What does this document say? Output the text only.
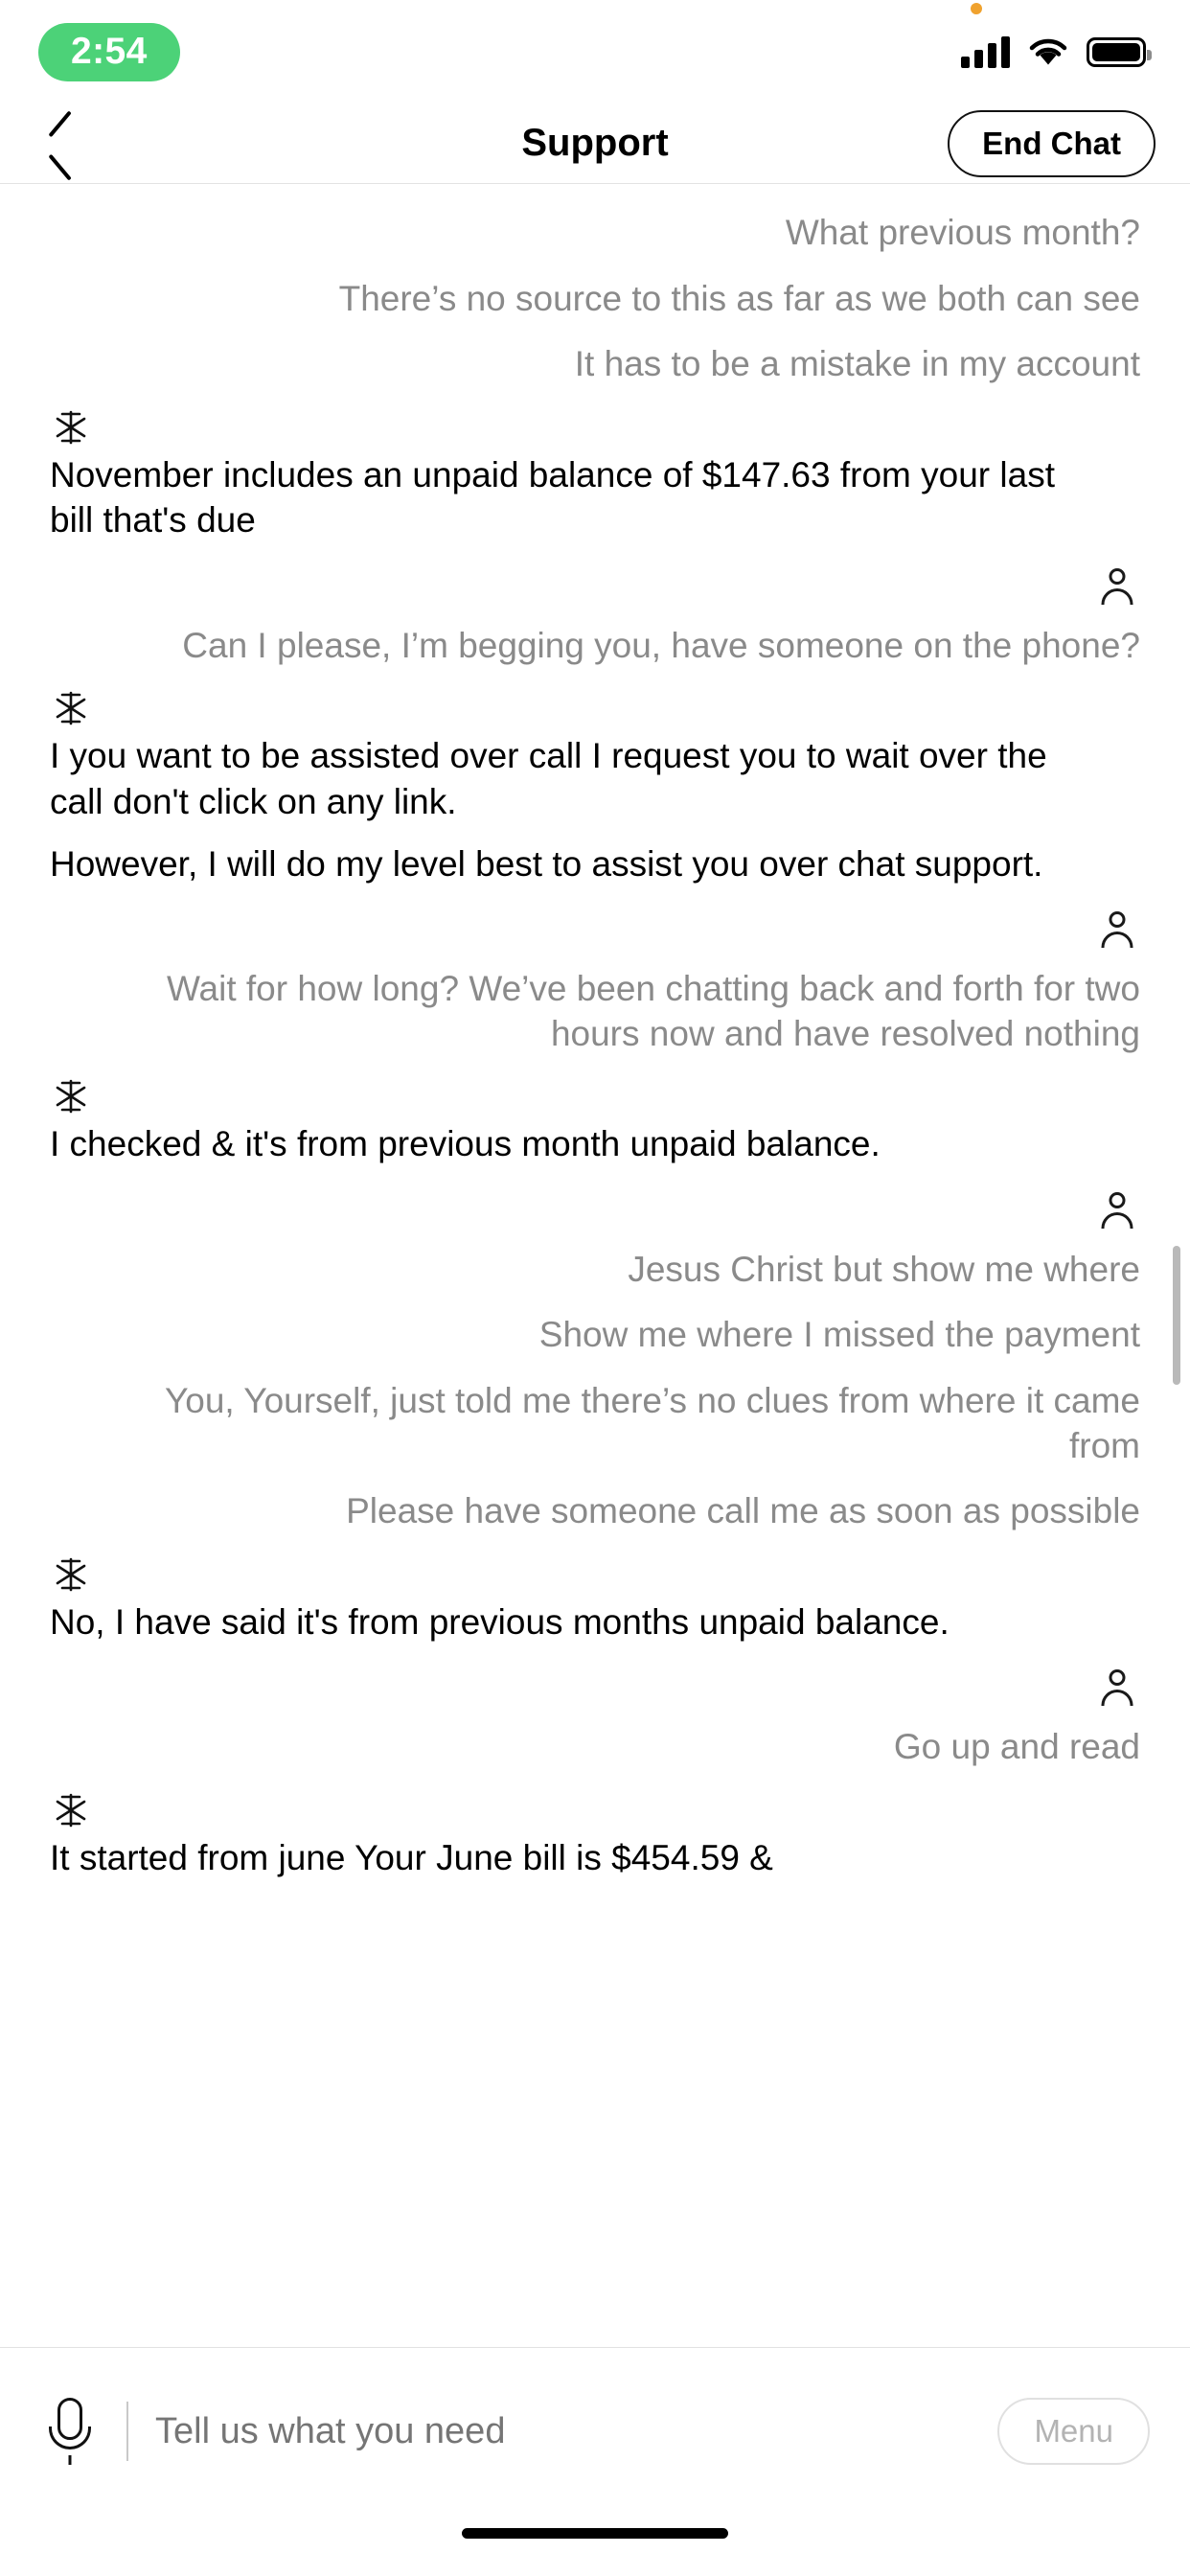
2:54
Support	End Chat
What previous month?
There’s no source to this as far as we both can see
It has to be a mistake in my account
November includes an unpaid balance of $147.63 from your last bill that's due
Can I please, I’m begging you, have someone on the phone?
I you want to be assisted over call I request you to wait over the call don't click on any link.
However, I will do my level best to assist you over chat support.
Wait for how long? We’ve been chatting back and forth for two hours now and have resolved nothing
I checked & it's from previous month unpaid balance.
Jesus Christ but show me where
Show me where I missed the payment
You, Yourself, just told me there’s no clues from where it came from
Please have someone call me as soon as possible
No, I have said it's from previous months unpaid balance.
Go up and read
It started from june Your June bill is $454.59 &
Tell us what you need
Menu
